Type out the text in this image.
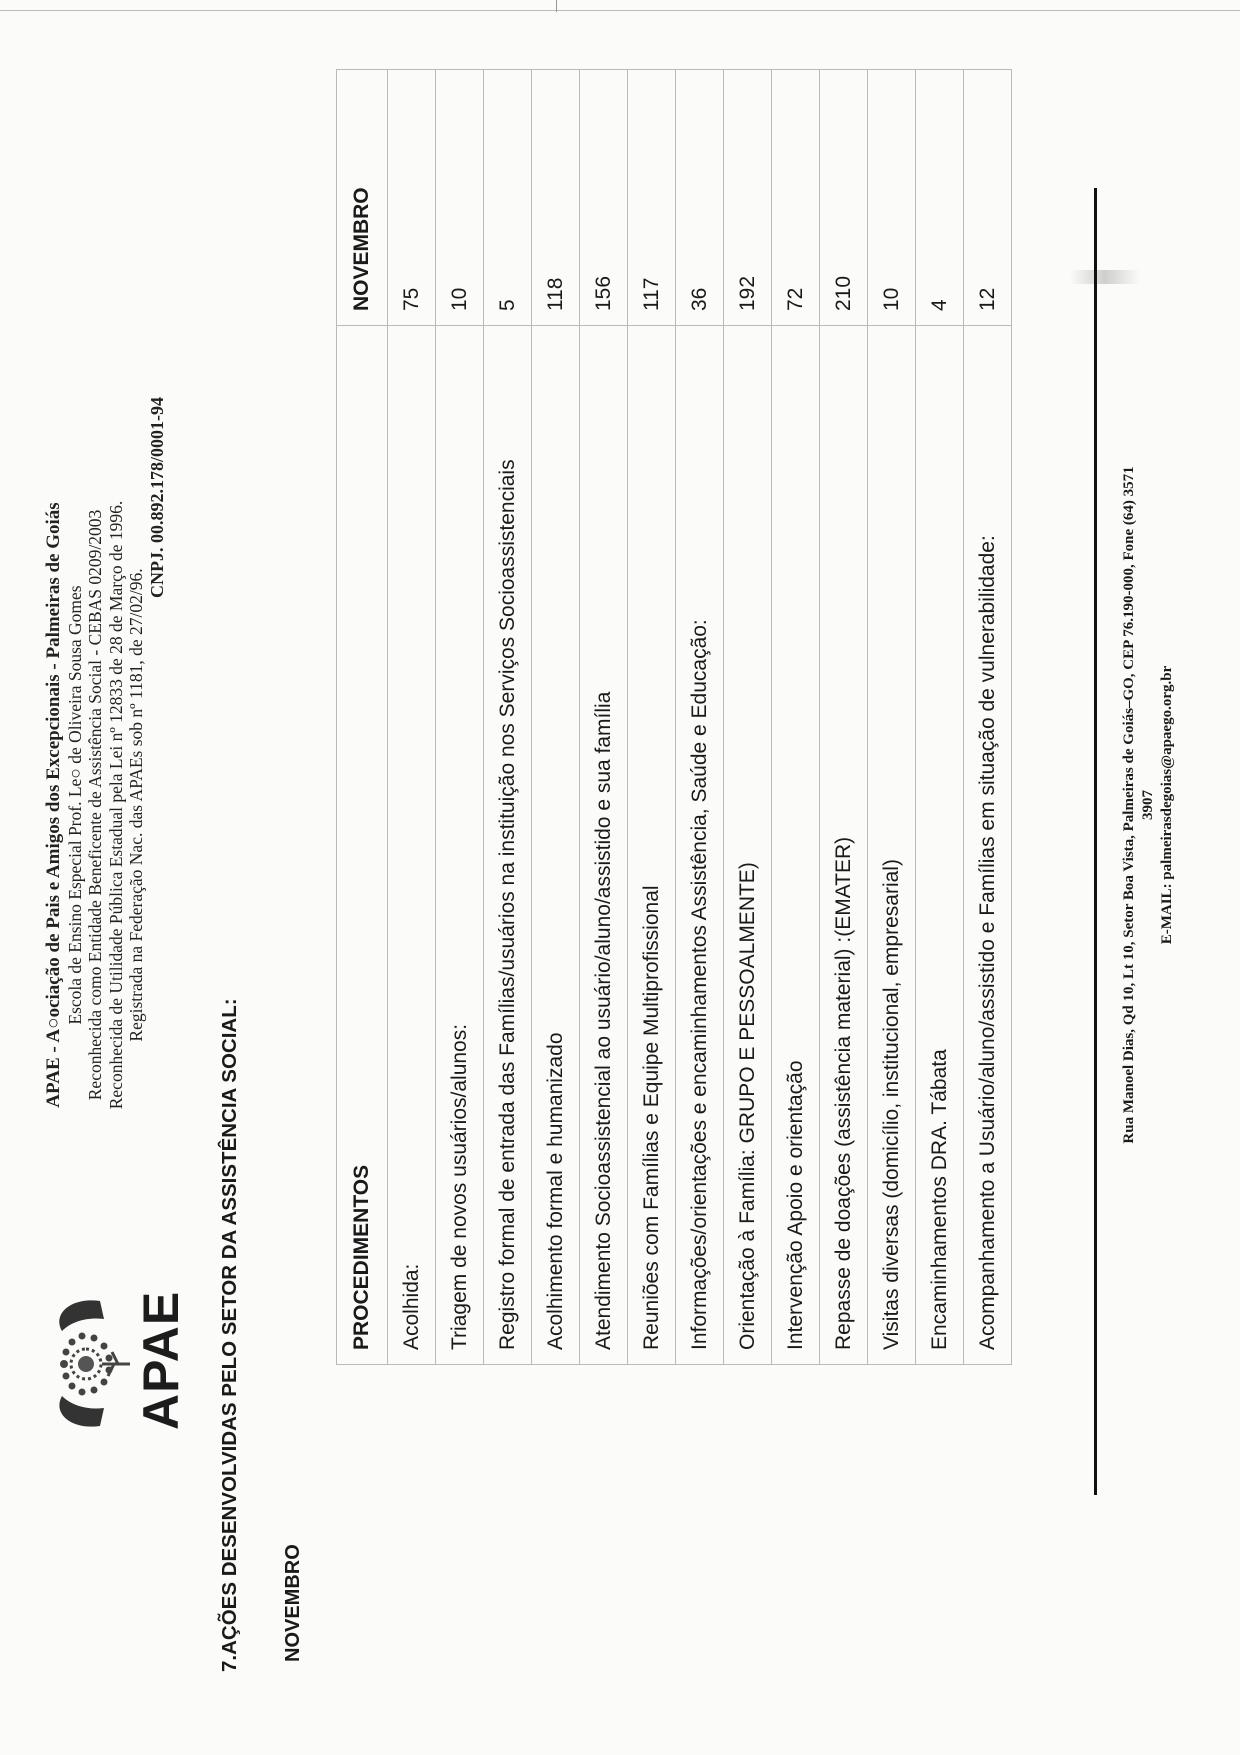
APAE
APAE - A○ociação de Pais e Amigos dos Excepcionais - Palmeiras de Goiás Escola de Ensino Especial Prof. Le○ de Oliveira Sousa Gomes Reconhecida como Entidade Beneficente de Assistência Social - CEBAS 0209/2003 Reconhecida de Utilidade Pública Estadual pela Lei nº 12833 de 28 de Março de 1996. Registrada na Federação Nac. das APAEs sob nº 1181, de 27/02/96.
CNPJ. 00.892.178/0001-94
7.AÇÕES DESENVOLVIDAS PELO SETOR DA ASSISTÊNCIA SOCIAL: NOVEMBRO
PROCEDIMENTOS	NOVEMBRO
Acolhida:	75
Triagem de novos usuários/alunos:	10
Registro formal de entrada das Famílias/usuários na instituição nos Serviços Socioassistenciais	5
Acolhimento formal e humanizado	118
Atendimento Socioassistencial ao usuário/aluno/assistido e sua família	156
Reuniões com Famílias e Equipe Multiprofissional	117
Informações/orientações e encaminhamentos Assistência, Saúde e Educação:	36
Orientação à Família: GRUPO E PESSOALMENTE)	192
Intervenção Apoio e orientação	72
Repasse de doações (assistência material) :(EMATER)	210
Visitas diversas (domicílio, institucional, empresarial)	10
Encaminhamentos DRA. Tábata	4
Acompanhamento a Usuário/aluno/assistido e Famílias em situação de vulnerabilidade:	12
Rua Manoel Dias, Qd 10, Lt 10, Setor Boa Vista, Palmeiras de Goiás–GO, CEP 76.190-000, Fone (64) 3571 3907 E-MAIL: palmeirasdegoias@apaego.org.br
